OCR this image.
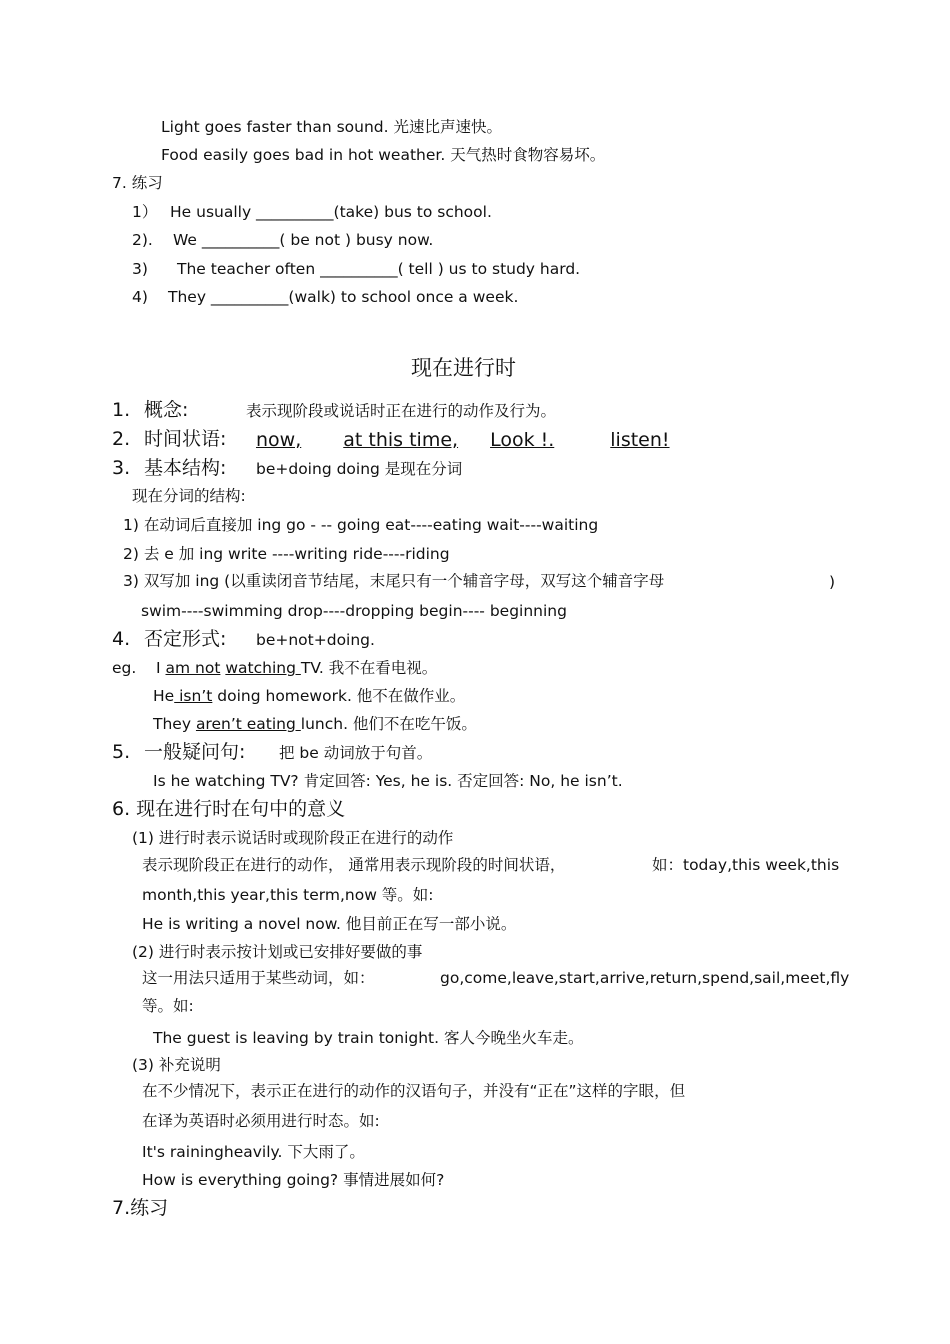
Light goes faster than sound. 光速比声速快。
Food easily goes bad in hot weather. 天气热时食物容易坏。
7. 练习
1） He usually __________(take) bus to school.
2). We __________( be not ) busy now.
3) The teacher often __________( tell ) us to study hard.
4) They __________(walk) to school once a week.
现在进行时
1. 概念:	表示现阶段或说话时正在进行的动作及行为。
2. 时间状语: now, at this time, Look !.	listen!
3. 基本结构: be+doing doing 是现在分词
现在分词的结构:
1) 在动词后直接加 ing go - -- going eat----eating wait----waiting
2) 去 e 加 ing write ----writing ride----riding
3) 双写加 ing (以重读闭音节结尾，末尾只有一个辅音字母，双写这个辅音字母	)
swim----swimming drop----dropping begin---- beginning
4. 否定形式: be+not+doing.
eg. I am not watching TV. 我不在看电视。
He isn’t doing homework. 他不在做作业。
They aren’t eating lunch. 他们不在吃午饭。
5. 一般疑问句: 把 be 动词放于句首。
Is he watching TV? 肯定回答: Yes, he is. 否定回答: No, he isn’t.
6. 现在进行时在句中的意义
(1) 进行时表示说话时或现阶段正在进行的动作
表示现阶段正在进行的动作， 通常用表示现阶段的时间状语，	如：today,this week,this
month,this year,this term,now 等。如:
He is writing a novel now. 他目前正在写一部小说。
(2) 进行时表示按计划或已安排好要做的事
这一用法只适用于某些动词，如：	go,come,leave,start,arrive,return,spend,sail,meet,fly
等。如:
The guest is leaving by train tonight. 客人今晚坐火车走。
(3) 补充说明
在不少情况下，表示正在进行的动作的汉语句子，并没有“正在”这样的字眼，但
在译为英语时必须用进行时态。如:
It's rainingheavily. 下大雨了。
How is everything going? 事情进展如何?
7.练习
